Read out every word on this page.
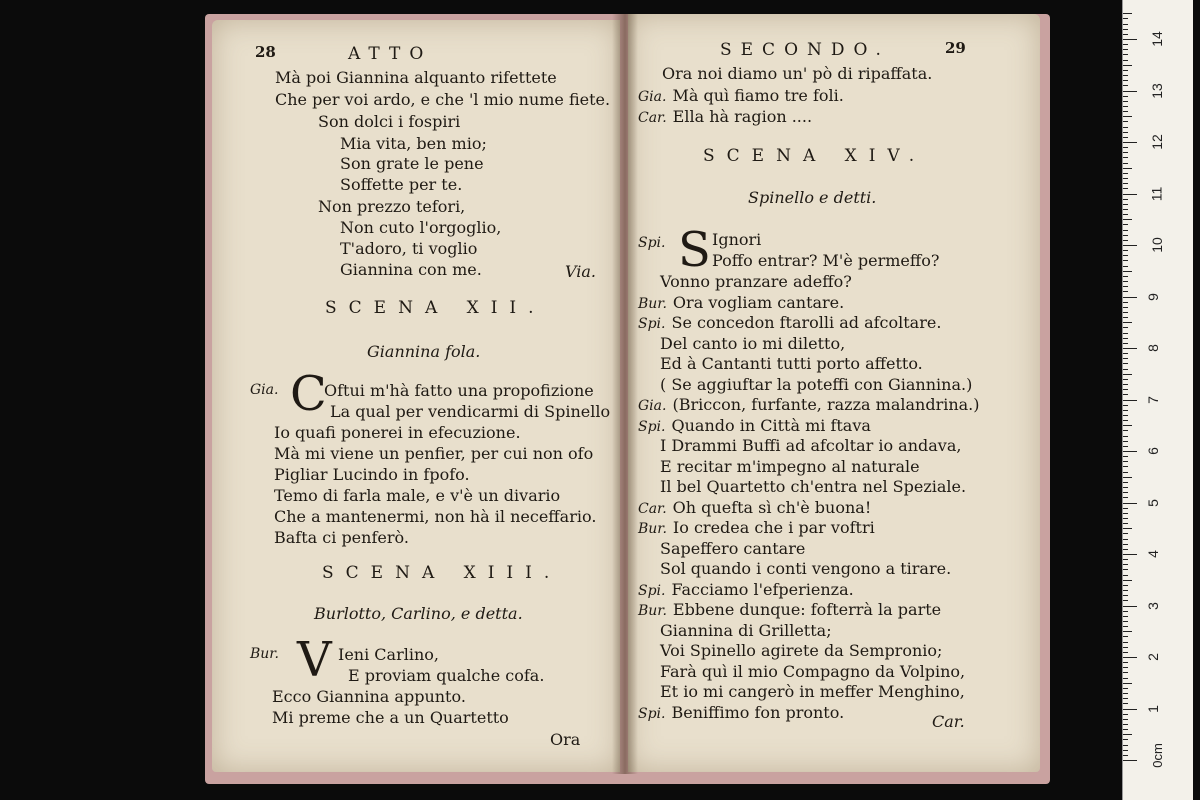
28	ATTO
Mà poi Giannina alquanto rifettete
Che per voi ardo, e che 'l mio nume fiete.
Son dolci i fospiri
Mia vita, ben mio;
Son grate le pene
Soffette per te.
Non prezzo tefori,
Non cuto l'orgoglio,
T'adoro, ti voglio
Giannina con me.	Via.
SCENA XII.
Giannina fola.
Gia. C
Oftui m'hà fatto una propofizione
La qual per vendicarmi di Spinello
Io quafi ponerei in efecuzione.
Mà mi viene un penfier, per cui non ofo
Pigliar Lucindo in fpofo.
Temo di farla male, e v'è un divario
Che a mantenermi, non hà il neceffario.
Bafta ci penferò.
SCENA XIII.
Burlotto, Carlino, e detta.
Bur. V Ieni Carlino,
E proviam qualche cofa.
Ecco Giannina appunto.
Mi preme che a un Quartetto
Ora
SECONDO.	29
Ora noi diamo un' pò di ripaffata.
Gia. Mà quì fiamo tre foli.
Car. Ella hà ragion ....
SCENA XIV.
Spinello e detti.
Spi. S Ignori
Poffo entrar? M'è permeffo?
Vonno pranzare adeffo?
Bur. Ora vogliam cantare.
Spi. Se concedon ftarolli ad afcoltare.
Del canto io mi diletto,
Ed à Cantanti tutti porto affetto.
( Se aggiuftar la poteffi con Giannina.)
Gia. (Briccon, furfante, razza malandrina.)
Spi. Quando in Città mi ftava
I Drammi Buffi ad afcoltar io andava,
E recitar m'impegno al naturale
Il bel Quartetto ch'entra nel Speziale.
Car. Oh quefta sì ch'è buona!
Bur. Io credea che i par voftri
Sapeffero cantare
Sol quando i conti vengono a tirare.
Spi. Facciamo l'efperienza.
Bur. Ebbene dunque: fofterrà la parte
Giannina di Grilletta;
Voi Spinello agirete da Sempronio;
Farà quì il mio Compagno da Volpino,
Et io mi cangerò in meffer Menghino,
Spi. Beniffimo fon pronto.	Car.
0cm
1
2
3
4
5
6
7
8
9
10
11
12
13
14
